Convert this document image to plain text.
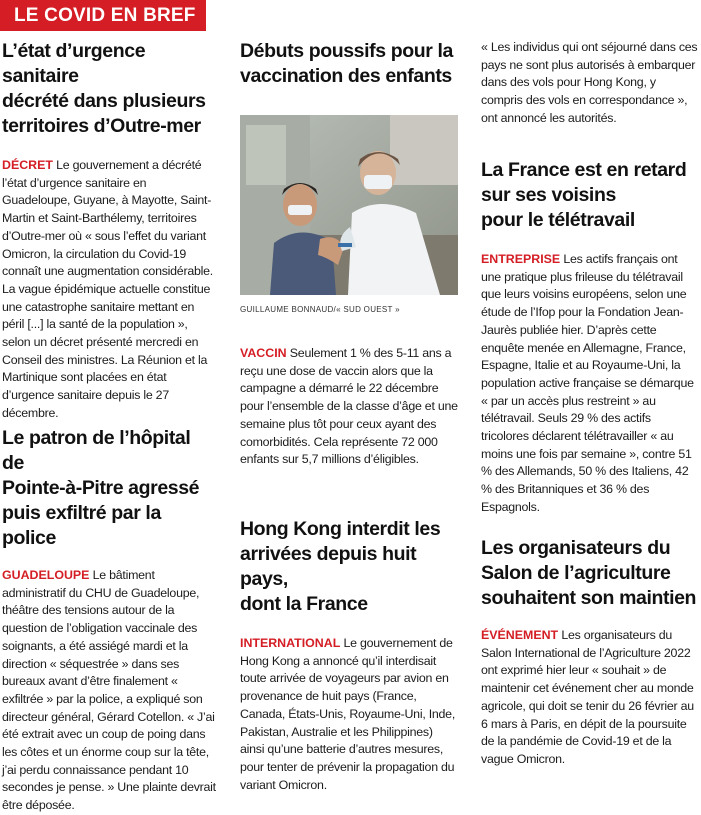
LE COVID EN BREF
L’état d’urgence sanitaire
décrété dans plusieurs
territoires d’Outre-mer

DÉCRET Le gouvernement a décrété l’état d’urgence sanitaire en Guadeloupe, Guyane, à Mayotte, Saint-Martin et Saint-Barthélemy, territoires d’Outre-mer où « sous l’effet du variant Omicron, la circulation du Covid-19 connaît une augmentation considérable. La vague épidémique actuelle constitue une catastrophe sanitaire mettant en péril [...] la santé de la population », selon un décret présenté mercredi en Conseil des ministres. La Réunion et la Martinique sont placées en état d’urgence sanitaire depuis le 27 décembre.

Le patron de l’hôpital de
Pointe-à-Pitre agressé
puis exfiltré par la police

GUADELOUPE Le bâtiment administratif du CHU de Guadeloupe, théâtre des tensions autour de la question de l’obligation vaccinale des soignants, a été assiégé mardi et la direction « séquestrée » dans ses bureaux avant d’être finalement « exfiltrée » par la police, a expliqué son directeur général, Gérard Cotellon. « J’ai été extrait avec un coup de poing dans les côtes et un énorme coup sur la tête, j’ai perdu connaissance pendant 10 secondes je pense. » Une plainte devrait être déposée.

Débuts poussifs pour la
vaccination des enfants
GUILLAUME BONNAUD/« SUD OUEST »

VACCIN Seulement 1 % des 5-11 ans a reçu une dose de vaccin alors que la campagne a démarré le 22 décembre pour l’ensemble de la classe d’âge et une semaine plus tôt pour ceux ayant des comorbidités. Cela représente 72 000 enfants sur 5,7 millions d’éligibles.

Hong Kong interdit les
arrivées depuis huit pays,
dont la France

INTERNATIONAL Le gouvernement de Hong Kong a annoncé qu’il interdisait toute arrivée de voyageurs par avion en provenance de huit pays (France, Canada, États-Unis, Royaume-Uni, Inde, Pakistan, Australie et les Philippines) ainsi qu’une batterie d’autres mesures, pour tenter de prévenir la propagation du variant Omicron.

« Les individus qui ont séjourné dans ces pays ne sont plus autorisés à embarquer dans des vols pour Hong Kong, y compris des vols en correspondance », ont annoncé les autorités.

La France est en retard
sur ses voisins
pour le télétravail

ENTREPRISE Les actifs français ont une pratique plus frileuse du télétravail que leurs voisins européens, selon une étude de l’Ifop pour la Fondation Jean-Jaurès publiée hier. D’après cette enquête menée en Allemagne, France, Espagne, Italie et au Royaume-Uni, la population active française se démarque « par un accès plus restreint » au télétravail. Seuls 29 % des actifs tricolores déclarent télétravailler « au moins une fois par semaine », contre 51 % des Allemands, 50 % des Italiens, 42 % des Britanniques et 36 % des Espagnols.

Les organisateurs du
Salon de l’agriculture
souhaitent son maintien

ÉVÉNEMENT Les organisateurs du Salon International de l’Agriculture 2022 ont exprimé hier leur « souhait » de maintenir cet événement cher au monde agricole, qui doit se tenir du 26 février au 6 mars à Paris, en dépit de la poursuite de la pandémie de Covid-19 et de la vague Omicron.
